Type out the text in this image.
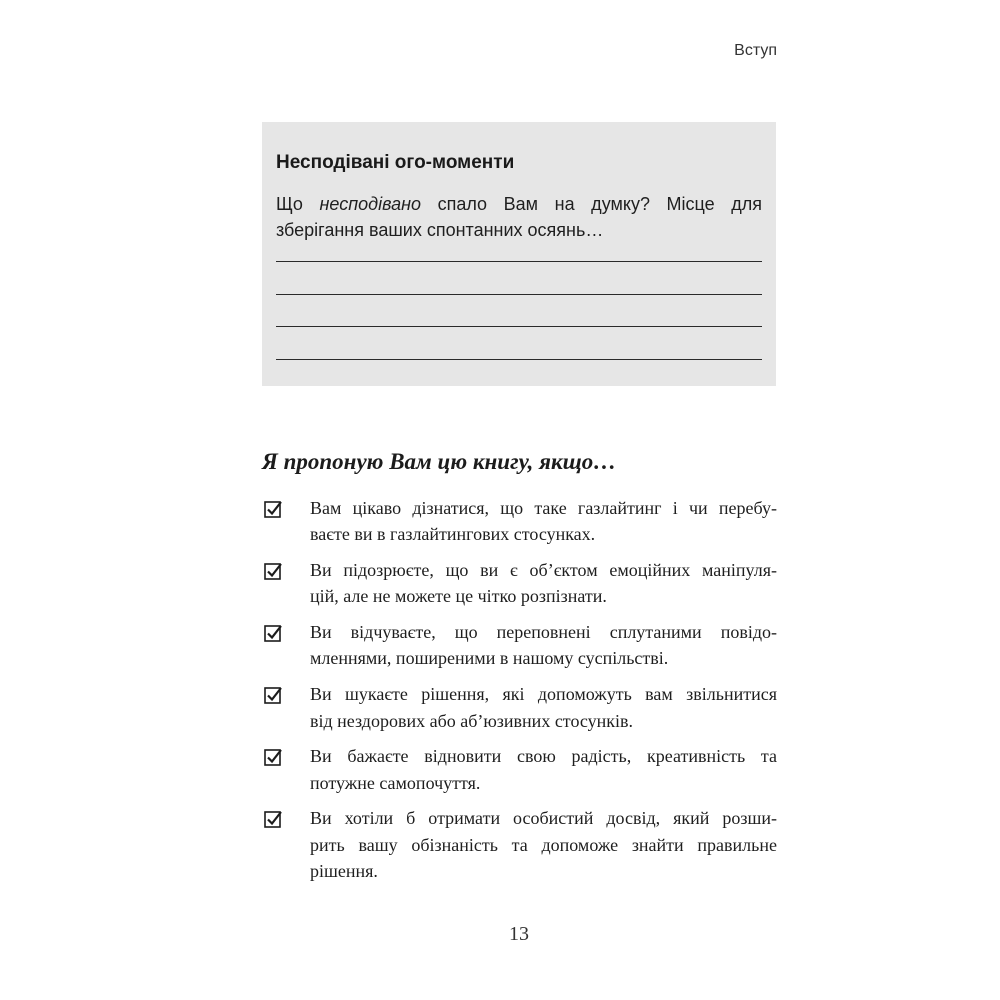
Вступ
Несподівані ого-моменти
Що несподівано спало Вам на думку? Місце для
зберігання ваших спонтанних осяянь…
Я пропоную Вам цю книгу, якщо…
Вам цікаво дізнатися, що таке газлайтинг і чи перебу-
ваєте ви в газлайтингових стосунках.
Ви підозрюєте, що ви є об’єктом емоційних маніпуля-
цій, але не можете це чітко розпізнати.
Ви відчуваєте, що переповнені сплутаними повідо-
мленнями, поширеними в нашому суспільстві.
Ви шукаєте рішення, які допоможуть вам звільнитися
від нездорових або аб’юзивних стосунків.
Ви бажаєте відновити свою радість, креативність та
потужне самопочуття.
Ви хотіли б отримати особистий досвід, який розши-
рить вашу обізнаність та допоможе знайти правильне
рішення.
13
